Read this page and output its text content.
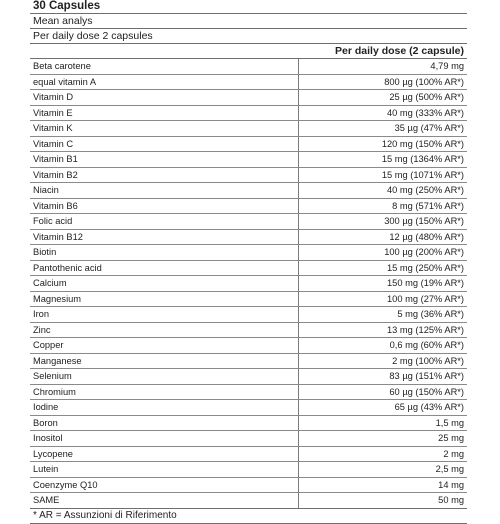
30 Capsules
Mean analys
Per daily dose 2 capsules
Per daily dose (2 capsule)
Beta carotene	4,79 mg
equal vitamin A	800 µg (100% AR*)
Vitamin D	25 µg (500% AR*)
Vitamin E	40 mg (333% AR*)
Vitamin K	35 µg (47% AR*)
Vitamin C	120 mg (150% AR*)
Vitamin B1	15 mg (1364% AR*)
Vitamin B2	15 mg (1071% AR*)
Niacin	40 mg (250% AR*)
Vitamin B6	8 mg (571% AR*)
Folic acid	300 µg (150% AR*)
Vitamin B12	12 µg (480% AR*)
Biotin	100 µg (200% AR*)
Pantothenic acid	15 mg (250% AR*)
Calcium	150 mg (19% AR*)
Magnesium	100 mg (27% AR*)
Iron	5 mg (36% AR*)
Zinc	13 mg (125% AR*)
Copper	0,6 mg (60% AR*)
Manganese	2 mg (100% AR*)
Selenium	83 µg (151% AR*)
Chromium	60 µg (150% AR*)
Iodine	65 µg (43% AR*)
Boron	1,5 mg
Inositol	25 mg
Lycopene	2 mg
Lutein	2,5 mg
Coenzyme Q10	14 mg
SAME	50 mg
* AR = Assunzioni di Riferimento
